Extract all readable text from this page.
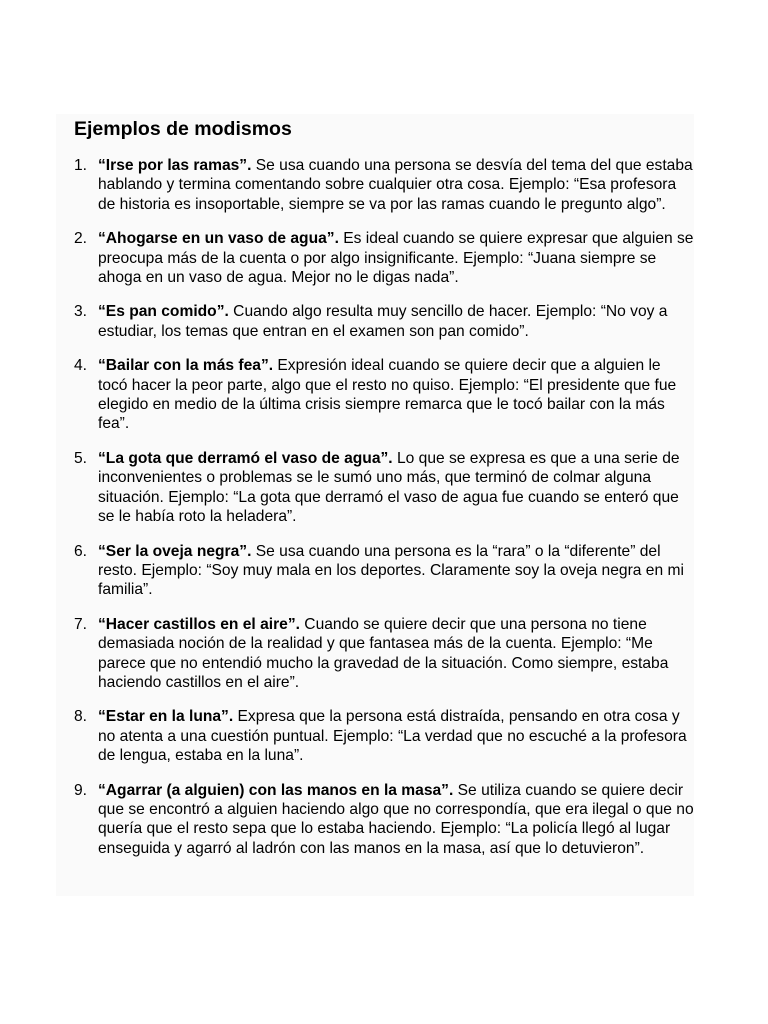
Ejemplos de modismos
1. “Irse por las ramas”. Se usa cuando una persona se desvía del tema del que estaba hablando y termina comentando sobre cualquier otra cosa. Ejemplo: “Esa profesora de historia es insoportable, siempre se va por las ramas cuando le pregunto algo”.
2. “Ahogarse en un vaso de agua”. Es ideal cuando se quiere expresar que alguien se preocupa más de la cuenta o por algo insignificante. Ejemplo: “Juana siempre se ahoga en un vaso de agua. Mejor no le digas nada”.
3. “Es pan comido”. Cuando algo resulta muy sencillo de hacer. Ejemplo: “No voy a estudiar, los temas que entran en el examen son pan comido”.
4. “Bailar con la más fea”. Expresión ideal cuando se quiere decir que a alguien le tocó hacer la peor parte, algo que el resto no quiso. Ejemplo: “El presidente que fue elegido en medio de la última crisis siempre remarca que le tocó bailar con la más fea”.
5. “La gota que derramó el vaso de agua”. Lo que se expresa es que a una serie de inconvenientes o problemas se le sumó uno más, que terminó de colmar alguna situación. Ejemplo: “La gota que derramó el vaso de agua fue cuando se enteró que se le había roto la heladera”.
6. “Ser la oveja negra”. Se usa cuando una persona es la “rara” o la “diferente” del resto. Ejemplo: “Soy muy mala en los deportes. Claramente soy la oveja negra en mi familia”.
7. “Hacer castillos en el aire”. Cuando se quiere decir que una persona no tiene demasiada noción de la realidad y que fantasea más de la cuenta. Ejemplo: “Me parece que no entendió mucho la gravedad de la situación. Como siempre, estaba haciendo castillos en el aire”.
8. “Estar en la luna”. Expresa que la persona está distraída, pensando en otra cosa y no atenta a una cuestión puntual. Ejemplo: “La verdad que no escuché a la profesora de lengua, estaba en la luna”.
9. “Agarrar (a alguien) con las manos en la masa”. Se utiliza cuando se quiere decir que se encontró a alguien haciendo algo que no correspondía, que era ilegal o que no quería que el resto sepa que lo estaba haciendo. Ejemplo: “La policía llegó al lugar enseguida y agarró al ladrón con las manos en la masa, así que lo detuvieron”.
